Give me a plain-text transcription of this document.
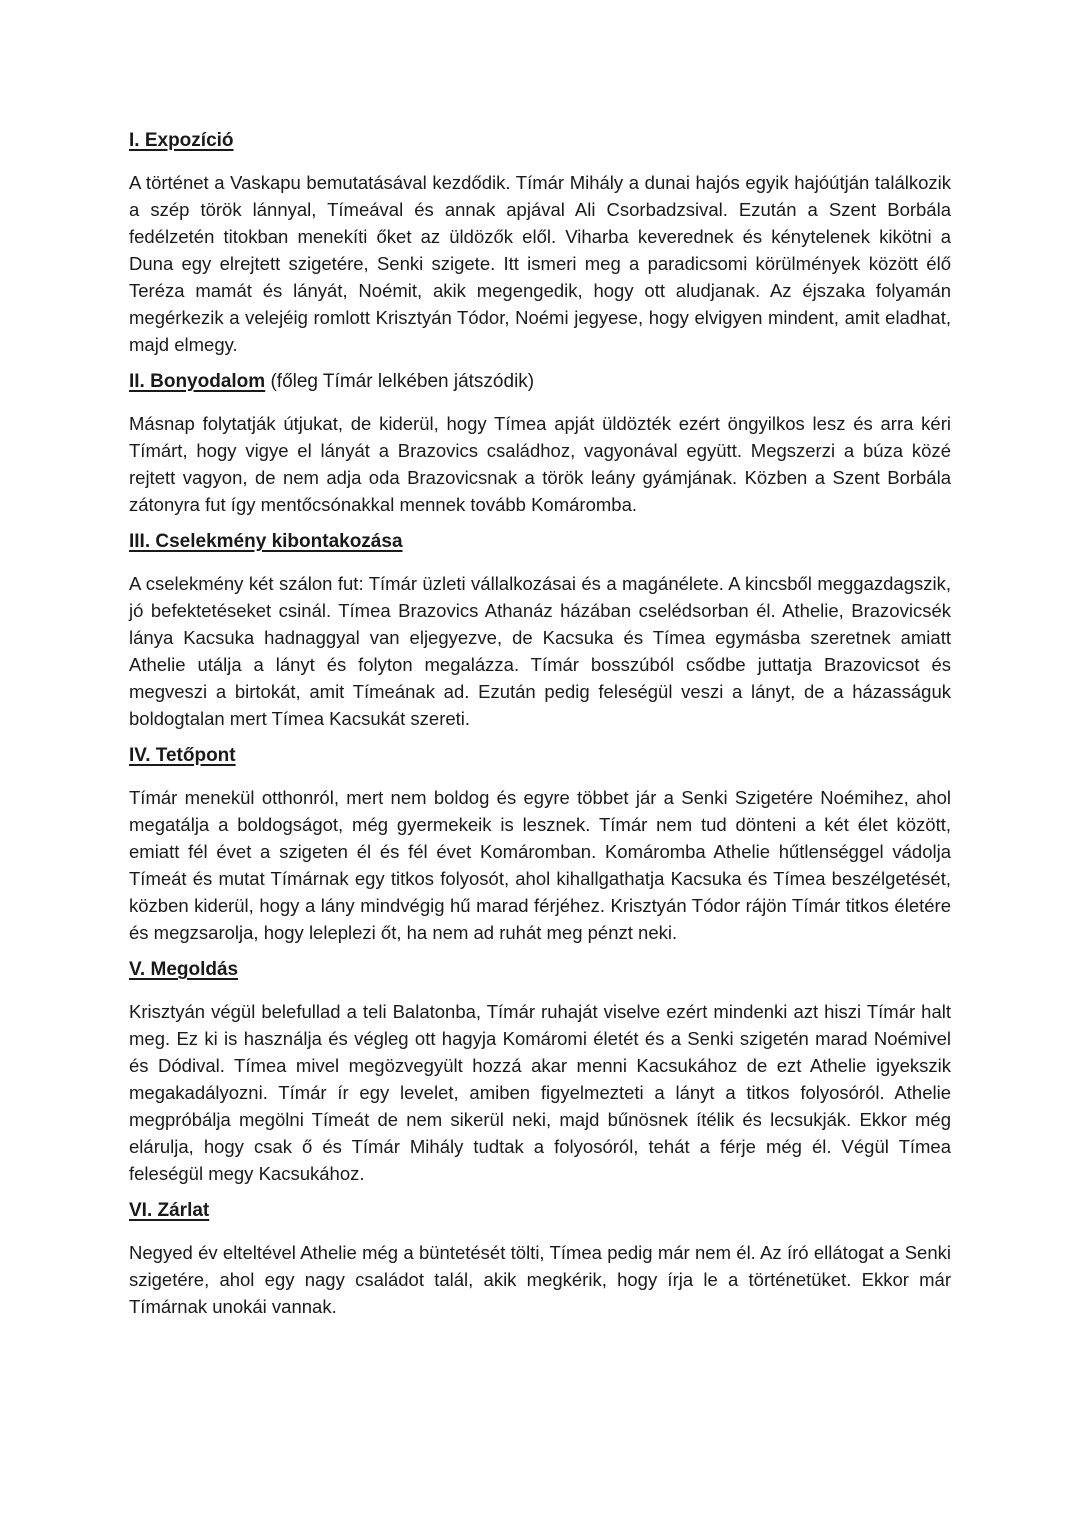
I. Expozíció

A történet a Vaskapu bemutatásával kezdődik. Tímár Mihály a dunai hajós egyik hajóútján találkozik a szép török lánnyal, Tímeával és annak apjával Ali Csorbadzsival. Ezután a Szent Borbála fedélzetén titokban menekíti őket az üldözők elől. Viharba keverednek és kénytelenek kikötni a Duna egy elrejtett szigetére, Senki szigete. Itt ismeri meg a paradicsomi körülmények között élő Teréza mamát és lányát, Noémit, akik megengedik, hogy ott aludjanak. Az éjszaka folyamán megérkezik a velejéig romlott Krisztyán Tódor, Noémi jegyese, hogy elvigyen mindent, amit eladhat, majd elmegy.

II. Bonyodalom (főleg Tímár lelkében játszódik)

Másnap folytatják útjukat, de kiderül, hogy Tímea apját üldözték ezért öngyilkos lesz és arra kéri Tímárt, hogy vigye el lányát a Brazovics családhoz, vagyonával együtt. Megszerzi a búza közé rejtett vagyon, de nem adja oda Brazovicsnak a török leány gyámjának. Közben a Szent Borbála zátonyra fut így mentőcsónakkal mennek tovább Komáromba.

III. Cselekmény kibontakozása

A cselekmény két szálon fut: Tímár üzleti vállalkozásai és a magánélete. A kincsből meggazdagszik, jó befektetéseket csinál. Tímea Brazovics Athanáz házában cselédsorban él. Athelie, Brazovicsék lánya Kacsuka hadnaggyal van eljegyezve, de Kacsuka és Tímea egymásba szeretnek amiatt Athelie utálja a lányt és folyton megalázza. Tímár bosszúból csődbe juttatja Brazovicsot és megveszi a birtokát, amit Tímeának ad. Ezután pedig feleségül veszi a lányt, de a házasságuk boldogtalan mert Tímea Kacsukát szereti.

IV. Tetőpont

Tímár menekül otthonról, mert nem boldog és egyre többet jár a Senki Szigetére Noémihez, ahol megatálja a boldogságot, még gyermekeik is lesznek. Tímár nem tud dönteni a két élet között, emiatt fél évet a szigeten él és fél évet Komáromban. Komáromba Athelie hűtlenséggel vádolja Tímeát és mutat Tímárnak egy titkos folyosót, ahol kihallgathatja Kacsuka és Tímea beszélgetését, közben kiderül, hogy a lány mindvégig hű marad férjéhez. Krisztyán Tódor rájön Tímár titkos életére és megzsarolja, hogy leleplezi őt, ha nem ad ruhát meg pénzt neki.

V. Megoldás

Krisztyán végül belefullad a teli Balatonba, Tímár ruhaját viselve ezért mindenki azt hiszi Tímár halt meg. Ez ki is használja és végleg ott hagyja Komáromi életét és a Senki szigetén marad Noémivel és Dódival. Tímea mivel megözvegyült hozzá akar menni Kacsukához de ezt Athelie igyekszik megakadályozni. Tímár ír egy levelet, amiben figyelmezteti a lányt a titkos folyosóról. Athelie megpróbálja megölni Tímeát de nem sikerül neki, majd bűnösnek ítélik és lecsukják. Ekkor még elárulja, hogy csak ő és Tímár Mihály tudtak a folyosóról, tehát a férje még él. Végül Tímea feleségül megy Kacsukához.

VI. Zárlat

Negyed év elteltével Athelie még a büntetését tölti, Tímea pedig már nem él. Az író ellátogat a Senki szigetére, ahol egy nagy családot talál, akik megkérik, hogy írja le a történetüket. Ekkor már Tímárnak unokái vannak.
